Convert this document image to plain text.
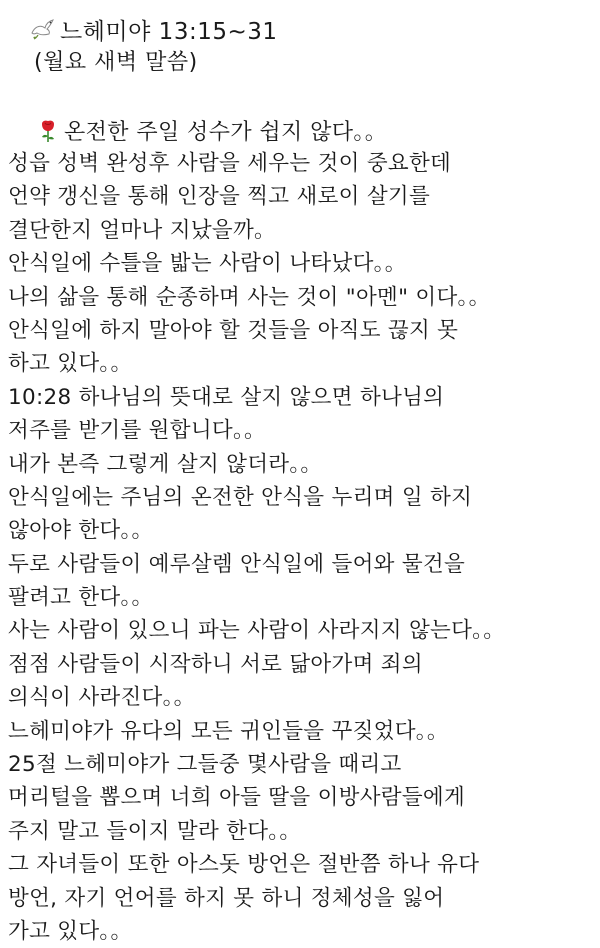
느헤미야 13:15~31
(월요 새벽 말씀)
온전한 주일 성수가 쉽지 않다。。
성읍 성벽 완성후 사람을 세우는 것이 중요한데
언약 갱신을 통해 인장을 찍고 새로이 살기를
결단한지 얼마나 지났을까。
안식일에 수틀을 밟는 사람이 나타났다。。
나의 삶을 통해 순종하며 사는 것이 "아멘" 이다。。
안식일에 하지 말아야 할 것들을 아직도 끊지 못
하고 있다。。
10:28 하나님의 뜻대로 살지 않으면 하나님의
저주를 받기를 원합니다。。
내가 본즉 그렇게 살지 않더라。。
안식일에는 주님의 온전한 안식을 누리며 일 하지
않아야 한다。。
두로 사람들이 예루살렘 안식일에 들어와 물건을
팔려고 한다。。
사는 사람이 있으니 파는 사람이 사라지지 않는다。。
점점 사람들이 시작하니 서로 닮아가며 죄의
의식이 사라진다。。
느헤미야가 유다의 모든 귀인들을 꾸짖었다。。
25절 느헤미야가 그들중 몇사람을 때리고
머리털을 뽑으며 너희 아들 딸을 이방사람들에게
주지 말고 들이지 말라 한다。。
그 자녀들이 또한 아스돗 방언은 절반쯤 하나 유다
방언, 자기 언어를 하지 못 하니 정체성을 잃어
가고 있다。。
